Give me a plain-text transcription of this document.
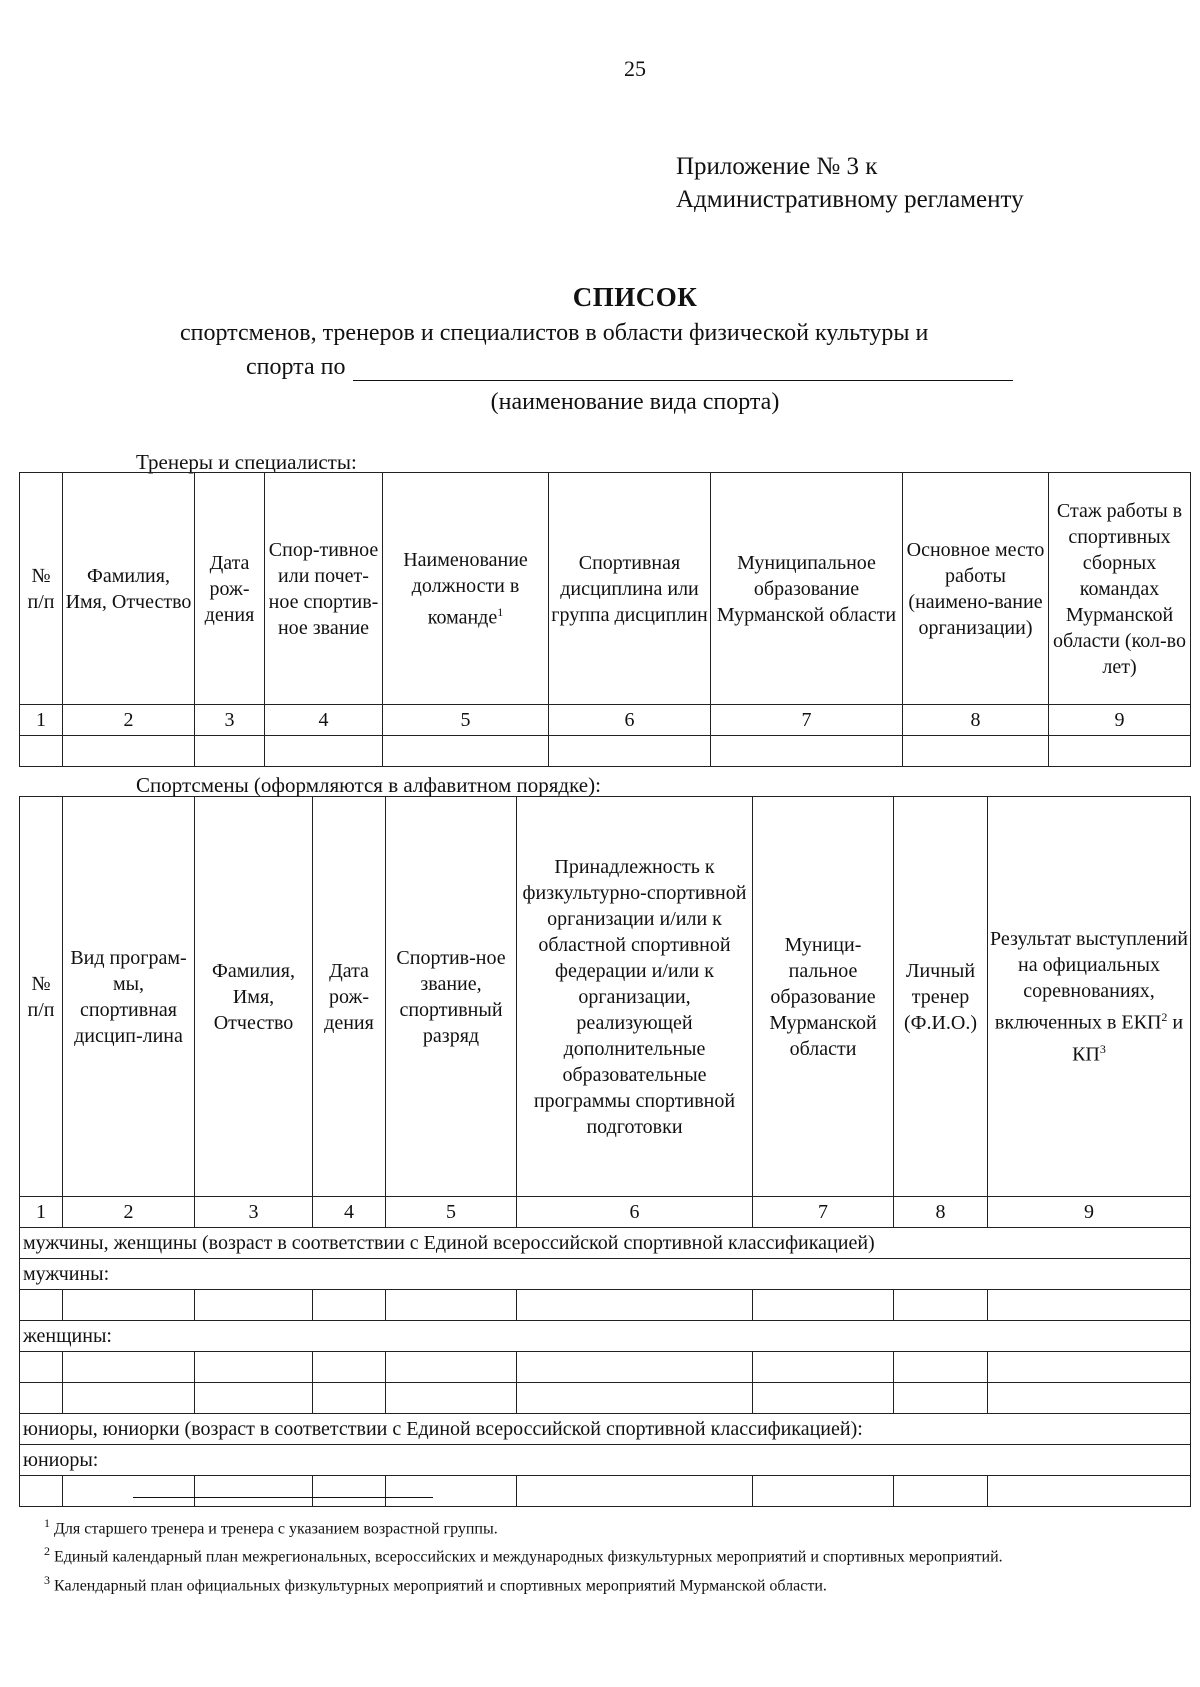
25
Приложение № 3 к
Административному регламенту
СПИСОК
спортсменов, тренеров и специалистов в области физической культуры и
спорта по
(наименование вида спорта)
Тренеры и специалисты:
№ п/п	Фамилия, Имя, Отчество	Дата рож-дения	Спор-тивное или почет-ное спортив-ное звание	Наименование должности в команде$^1$	Спортивная дисциплина или группа дисциплин	Муниципальное образование Мурманской области	Основное место работы (наимено-вание организации)	Стаж работы в спортивных сборных командах Мурманской области (кол-во лет)
1	2	3	4	5	6	7	8	9

Спортсмены (оформляются в алфавитном порядке):
№ п/п	Вид програм-мы, спортивная дисцип-лина	Фамилия, Имя, Отчество	Дата рож-дения	Спортив-ное звание, спортивный разряд	Принадлежность к физкультурно-спортивной организации и/или к областной спортивной федерации и/или к организации, реализующей дополнительные образовательные программы спортивной подготовки	Муници-пальное образование Мурманской области	Личный тренер (Ф.И.О.)	Результат выступлений на официальных соревнованиях, включенных в ЕКП$^2$ и $КП^3$
1	2	3	4	5	6	7	8	9
мужчины, женщины (возраст в соответствии с Единой всероссийской спортивной классификацией)								
мужчины:								

женщины:								

юниоры, юниорки (возраст в соответствии с Единой всероссийской спортивной классификацией):								
юниоры:								

$^1$ Для старшего тренера и тренера с указанием возрастной группы.

$^2$ Единый календарный план межрегиональных, всероссийских и международных физкультурных мероприятий и спортивных мероприятий.

$^3$ Календарный план официальных физкультурных мероприятий и спортивных мероприятий Мурманской области.
